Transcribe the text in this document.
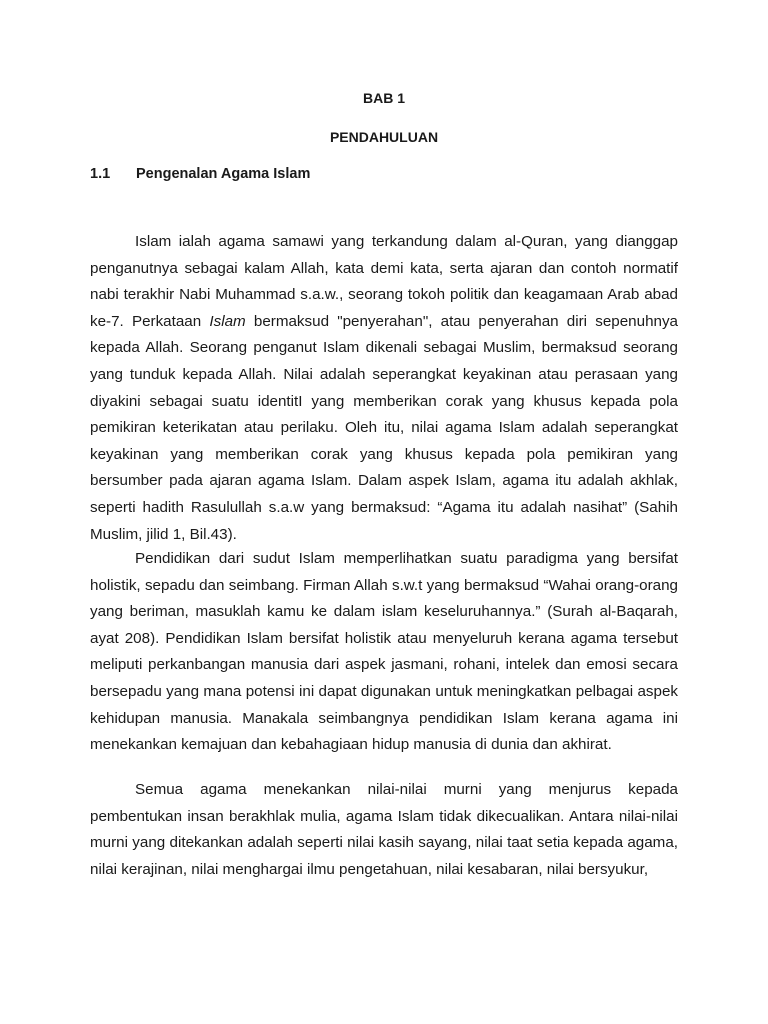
BAB 1
PENDAHULUAN
1.1 Pengenalan Agama Islam

Islam ialah agama samawi yang terkandung dalam al-Quran, yang dianggap penganutnya sebagai kalam Allah, kata demi kata, serta ajaran dan contoh normatif nabi terakhir Nabi Muhammad s.a.w., seorang tokoh politik dan keagamaan Arab abad ke-7. Perkataan Islam bermaksud "penyerahan", atau penyerahan diri sepenuhnya kepada Allah. Seorang penganut Islam dikenali sebagai Muslim, bermaksud seorang yang tunduk kepada Allah. Nilai adalah seperangkat keyakinan atau perasaan yang diyakini sebagai suatu identitI yang memberikan corak yang khusus kepada pola pemikiran keterikatan atau perilaku. Oleh itu, nilai agama Islam adalah seperangkat keyakinan yang memberikan corak yang khusus kepada pola pemikiran yang bersumber pada ajaran agama Islam. Dalam aspek Islam, agama itu adalah akhlak, seperti hadith Rasulullah s.a.w yang bermaksud: “Agama itu adalah nasihat” (Sahih Muslim, jilid 1, Bil.43).

Pendidikan dari sudut Islam memperlihatkan suatu paradigma yang bersifat holistik, sepadu dan seimbang. Firman Allah s.w.t yang bermaksud “Wahai orang-orang yang beriman, masuklah kamu ke dalam islam keseluruhannya.” (Surah al-Baqarah, ayat 208). Pendidikan Islam bersifat holistik atau menyeluruh kerana agama tersebut meliputi perkanbangan manusia dari aspek jasmani, rohani, intelek dan emosi secara bersepadu yang mana potensi ini dapat digunakan untuk meningkatkan pelbagai aspek kehidupan manusia. Manakala seimbangnya pendidikan Islam kerana agama ini menekankan kemajuan dan kebahagiaan hidup manusia di dunia dan akhirat.

Semua agama menekankan nilai-nilai murni yang menjurus kepada pembentukan insan berakhlak mulia, agama Islam tidak dikecualikan. Antara nilai-nilai murni yang ditekankan adalah seperti nilai kasih sayang, nilai taat setia kepada agama, nilai kerajinan, nilai menghargai ilmu pengetahuan, nilai kesabaran, nilai bersyukur,
